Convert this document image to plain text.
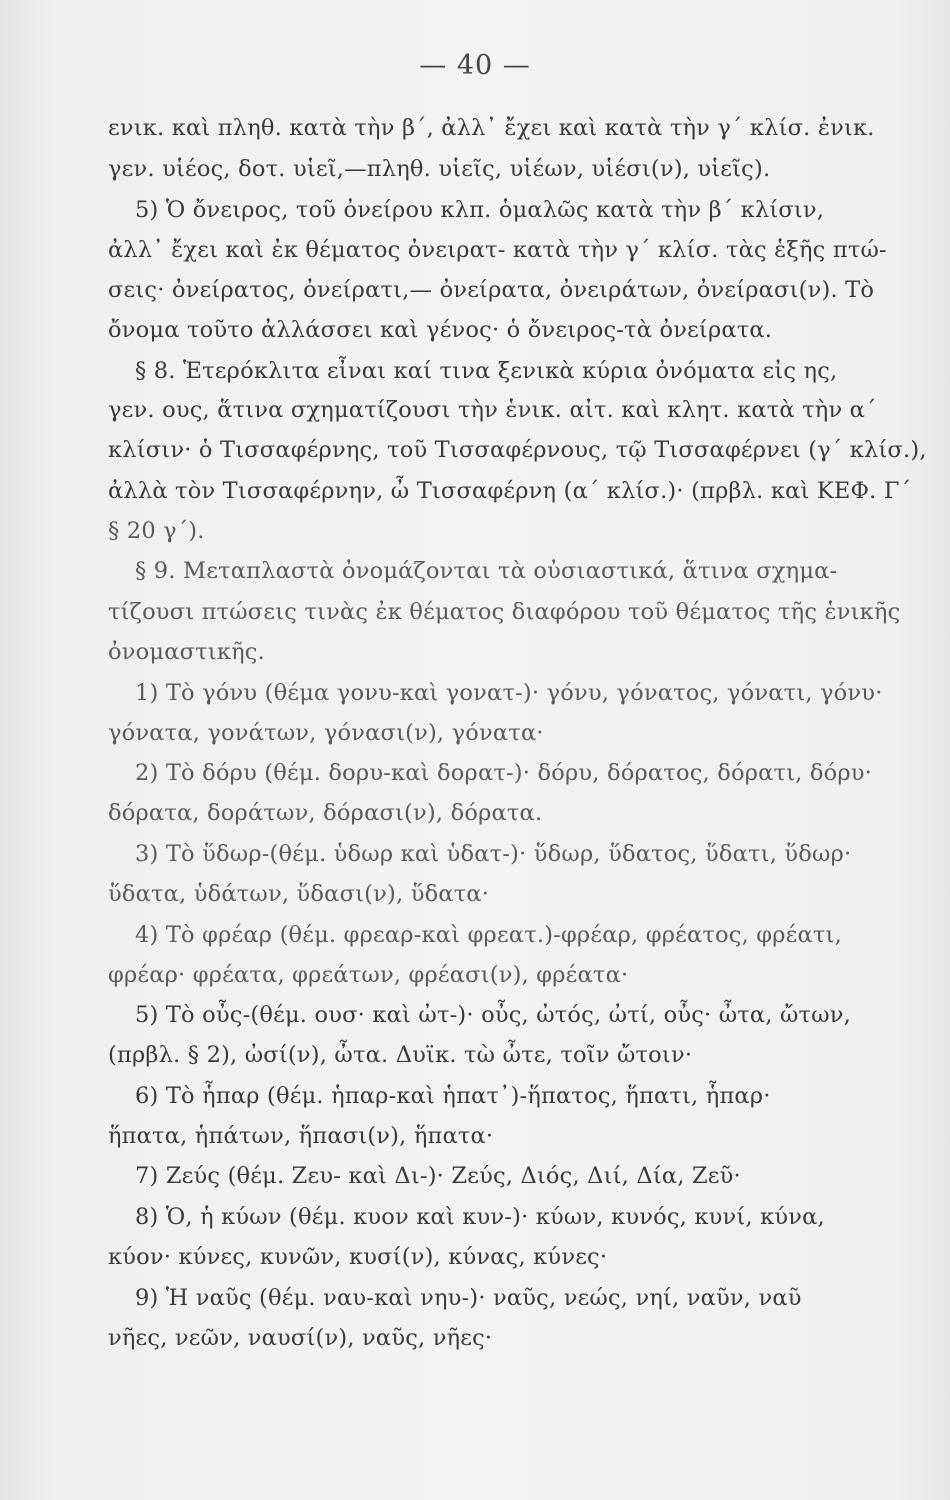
— 40 —
ενικ. καὶ πληθ. κατὰ τὴν β΄, ἀλλ᾽ ἔχει καὶ κατὰ τὴν γ΄ κλίσ. ἐνικ.
γεν. υἱέος, δοτ. υἱεῖ,—πληθ. υἱεῖς, υἱέων, υἱέσι(ν), υἱεῖς).
5) Ὁ ὄνειρος, τοῦ ὀνείρου κλπ. ὁμαλῶς κατὰ τὴν β΄ κλίσιν,
ἀλλ᾽ ἔχει καὶ ἐκ θέματος ὀνειρατ- κατὰ τὴν γ΄ κλίσ. τὰς ἑξῆς πτώ-
σεις· ὀνείρατος, ὀνείρατι,— ὀνείρατα, ὀνειράτων, ὀνείρασι(ν). Τὸ
ὄνομα τοῦτο ἀλλάσσει καὶ γένος· ὁ ὄνειρος-τὰ ὀνείρατα.
§ 8. Ἑτερόκλιτα εἶναι καί τινα ξενικὰ κύρια ὀνόματα εἰς ης,
γεν. ους, ἅτινα σχηματίζουσι τὴν ἑνικ. αἰτ. καὶ κλητ. κατὰ τὴν α΄
κλίσιν· ὁ Τισσαφέρνης, τοῦ Τισσαφέρνους, τῷ Τισσαφέρνει (γ΄ κλίσ.),
ἀλλὰ τὸν Τισσαφέρνην, ὦ Τισσαφέρνη (α΄ κλίσ.)· (πρβλ. καὶ ΚΕΦ. Γ΄
§ 20 γ΄).
§ 9. Μεταπλαστὰ ὀνομάζονται τὰ οὐσιαστικά, ἅτινα σχημα-
τίζουσι πτώσεις τινὰς ἐκ θέματος διαφόρου τοῦ θέματος τῆς ἑνικῆς
ὀνομαστικῆς.
1) Τὸ γόνυ (θέμα γονυ-καὶ γονατ-)· γόνυ, γόνατος, γόνατι, γόνυ·
γόνατα, γονάτων, γόνασι(ν), γόνατα·
2) Τὸ δόρυ (θέμ. δορυ-καὶ δορατ-)· δόρυ, δόρατος, δόρατι, δόρυ·
δόρατα, δοράτων, δόρασι(ν), δόρατα.
3) Τὸ ὕδωρ-(θέμ. ὑδωρ καὶ ὑδατ-)· ὕδωρ, ὕδατος, ὕδατι, ὕδωρ·
ὕδατα, ὑδάτων, ὕδασι(ν), ὕδατα·
4) Τὸ φρέαρ (θέμ. φρεαρ-καὶ φρεατ.)-φρέαρ, φρέατος, φρέατι,
φρέαρ· φρέατα, φρεάτων, φρέασι(ν), φρέατα·
5) Τὸ οὖς-(θέμ. ουσ· καὶ ὠτ-)· οὖς, ὠτός, ὠτί, οὖς· ὦτα, ὤτων,
(πρβλ. § 2), ὠσί(ν), ὦτα. Δυϊκ. τὼ ὦτε, τοῖν ὤτοιν·
6) Τὸ ἧπαρ (θέμ. ἡπαρ-καὶ ἡπατ᾽)-ἥπατος, ἥπατι, ἧπαρ·
ἥπατα, ἡπάτων, ἥπασι(ν), ἥπατα·
7) Ζεύς (θέμ. Ζευ- καὶ Δι-)· Ζεύς, Διός, Διί, Δία, Ζεῦ·
8) Ὁ, ἡ κύων (θέμ. κυον καὶ κυν-)· κύων, κυνός, κυνί, κύνα,
κύον· κύνες, κυνῶν, κυσί(ν), κύνας, κύνες·
9) Ἡ ναῦς (θέμ. ναυ-καὶ νηυ-)· ναῦς, νεώς, νηί, ναῦν, ναῦ
νῆες, νεῶν, ναυσί(ν), ναῦς, νῆες·
